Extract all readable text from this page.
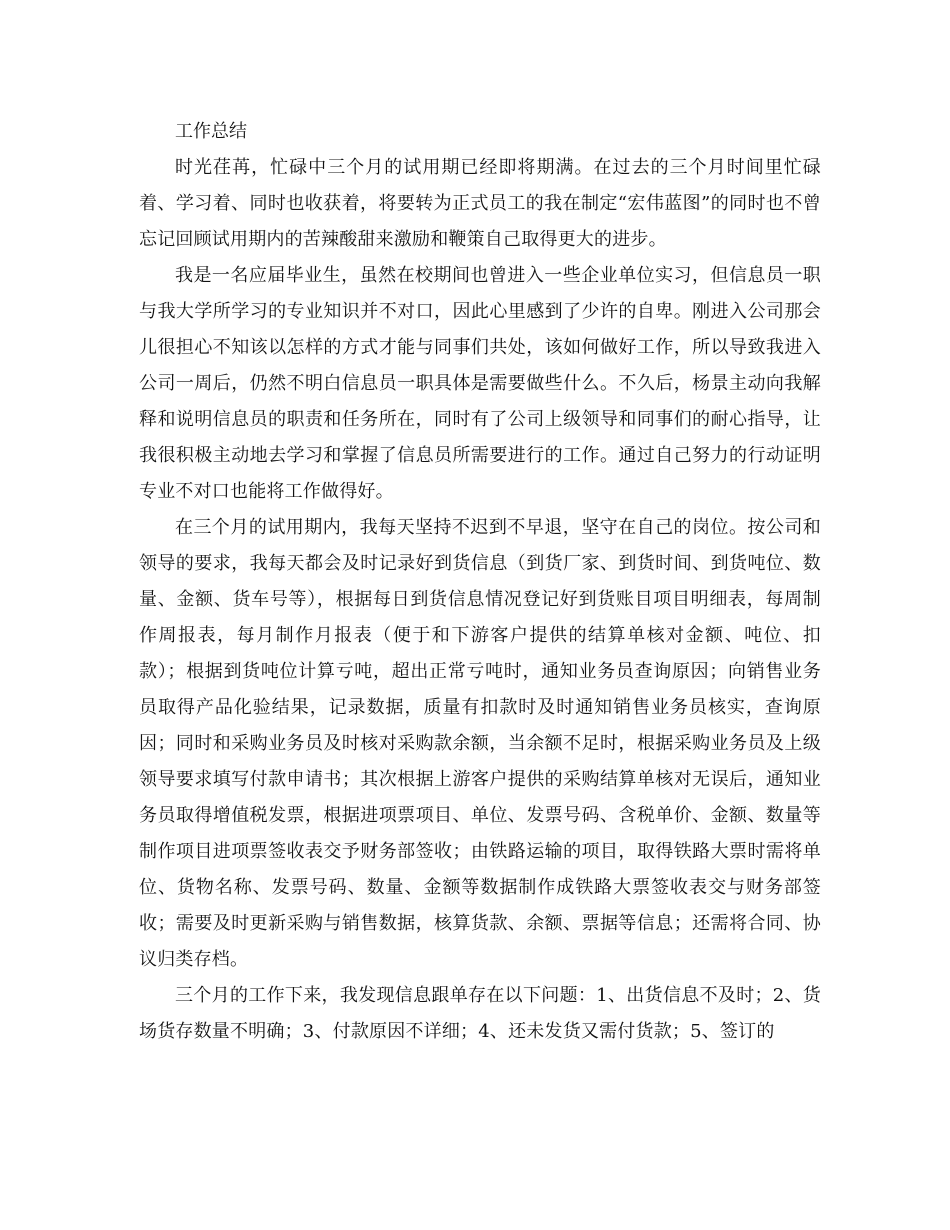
工作总结

时光荏苒，忙碌中三个月的试用期已经即将期满。在过去的三个月时间里忙碌着、学习着、同时也收获着，将要转为正式员工的我在制定“宏伟蓝图”的同时也不曾忘记回顾试用期内的苦辣酸甜来激励和鞭策自己取得更大的进步。

我是一名应届毕业生，虽然在校期间也曾进入一些企业单位实习，但信息员一职与我大学所学习的专业知识并不对口，因此心里感到了少许的自卑。刚进入公司那会儿很担心不知该以怎样的方式才能与同事们共处，该如何做好工作，所以导致我进入公司一周后，仍然不明白信息员一职具体是需要做些什么。不久后，杨景主动向我解释和说明信息员的职责和任务所在，同时有了公司上级领导和同事们的耐心指导，让我很积极主动地去学习和掌握了信息员所需要进行的工作。通过自己努力的行动证明专业不对口也能将工作做得好。

在三个月的试用期内，我每天坚持不迟到不早退，坚守在自己的岗位。按公司和领导的要求，我每天都会及时记录好到货信息（到货厂家、到货时间、到货吨位、数量、金额、货车号等），根据每日到货信息情况登记好到货账目项目明细表，每周制作周报表，每月制作月报表（便于和下游客户提供的结算单核对金额、吨位、扣款）；根据到货吨位计算亏吨，超出正常亏吨时，通知业务员查询原因；向销售业务员取得产品化验结果，记录数据，质量有扣款时及时通知销售业务员核实，查询原因；同时和采购业务员及时核对采购款余额，当余额不足时，根据采购业务员及上级领导要求填写付款申请书；其次根据上游客户提供的采购结算单核对无误后，通知业务员取得增值税发票，根据进项票项目、单位、发票号码、含税单价、金额、数量等制作项目进项票签收表交予财务部签收；由铁路运输的项目，取得铁路大票时需将单位、货物名称、发票号码、数量、金额等数据制作成铁路大票签收表交与财务部签收；需要及时更新采购与销售数据，核算货款、余额、票据等信息；还需将合同、协议归类存档。

三个月的工作下来，我发现信息跟单存在以下问题：1、出货信息不及时；2、货场货存数量不明确；3、付款原因不详细；4、还未发货又需付货款；5、签订的
